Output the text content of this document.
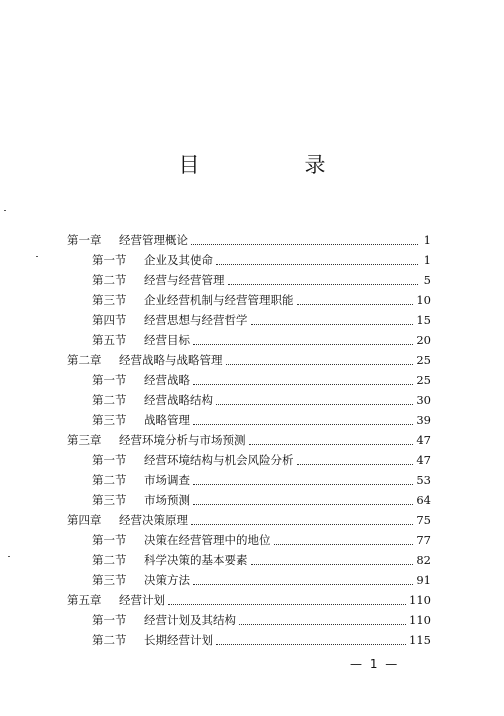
目　录
第一章	经营管理概论	1
第一节	企业及其使命	1
第二节	经营与经营管理	5
第三节	企业经营机制与经营管理职能	10
第四节	经营思想与经营哲学	15
第五节	经营目标	20
第二章	经营战略与战略管理	25
第一节	经营战略	25
第二节	经营战略结构	30
第三节	战略管理	39
第三章	经营环境分析与市场预测	47
第一节	经营环境结构与机会风险分析	47
第二节	市场调查	53
第三节	市场预测	64
第四章	经营决策原理	75
第一节	决策在经营管理中的地位	77
第二节	科学决策的基本要素	82
第三节	决策方法	91
第五章	经营计划	110
第一节	经营计划及其结构	110
第二节	长期经营计划	115
— 1 —
